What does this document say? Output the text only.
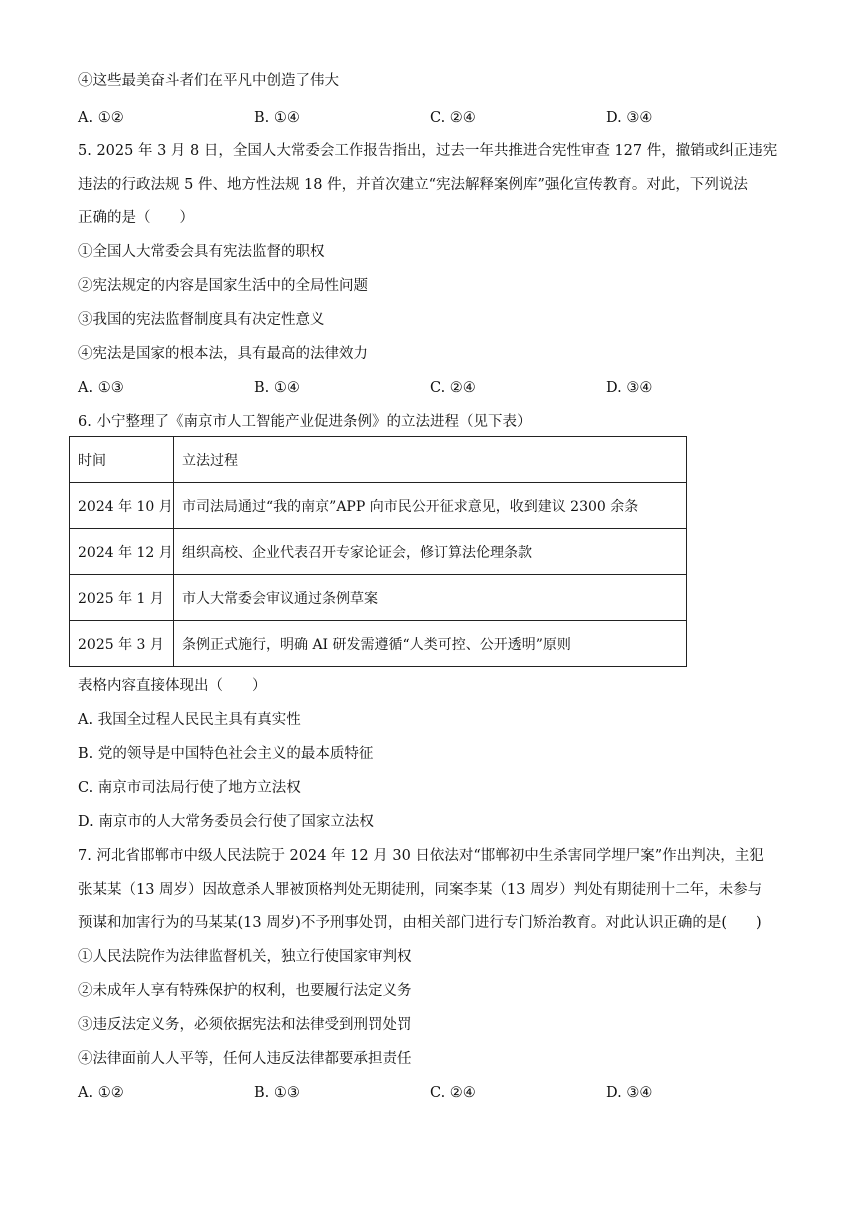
④这些最美奋斗者们在平凡中创造了伟大
A. ①②	B. ①④	C. ②④	D. ③④
5. 2025 年 3 月 8 日，全国人大常委会工作报告指出，过去一年共推进合宪性审查 127 件，撤销或纠正违宪
违法的行政法规 5 件、地方性法规 18 件，并首次建立“宪法解释案例库”强化宣传教育。对此，下列说法
正确的是（　　）
①全国人大常委会具有宪法监督的职权
②宪法规定的内容是国家生活中的全局性问题
③我国的宪法监督制度具有决定性意义
④宪法是国家的根本法，具有最高的法律效力
A. ①③	B. ①④	C. ②④	D. ③④
6. 小宁整理了《南京市人工智能产业促进条例》的立法进程（见下表）
时间	立法过程
2024 年 10 月	市司法局通过“我的南京”APP 向市民公开征求意见，收到建议 2300 余条
2024 年 12 月	组织高校、企业代表召开专家论证会，修订算法伦理条款
2025 年 1 月	市人大常委会审议通过条例草案
2025 年 3 月	条例正式施行，明确 AI 研发需遵循“人类可控、公开透明”原则
表格内容直接体现出（　　）
A. 我国全过程人民民主具有真实性
B. 党的领导是中国特色社会主义的最本质特征
C. 南京市司法局行使了地方立法权
D. 南京市的人大常务委员会行使了国家立法权
7. 河北省邯郸市中级人民法院于 2024 年 12 月 30 日依法对“邯郸初中生杀害同学埋尸案”作出判决，主犯
张某某（13 周岁）因故意杀人罪被顶格判处无期徒刑，同案李某（13 周岁）判处有期徒刑十二年，未参与
预谋和加害行为的马某某(13 周岁)不予刑事处罚，由相关部门进行专门矫治教育。对此认识正确的是(　　)
①人民法院作为法律监督机关，独立行使国家审判权
②未成年人享有特殊保护的权利，也要履行法定义务
③违反法定义务，必须依据宪法和法律受到刑罚处罚
④法律面前人人平等，任何人违反法律都要承担责任
A. ①②	B. ①③	C. ②④	D. ③④
